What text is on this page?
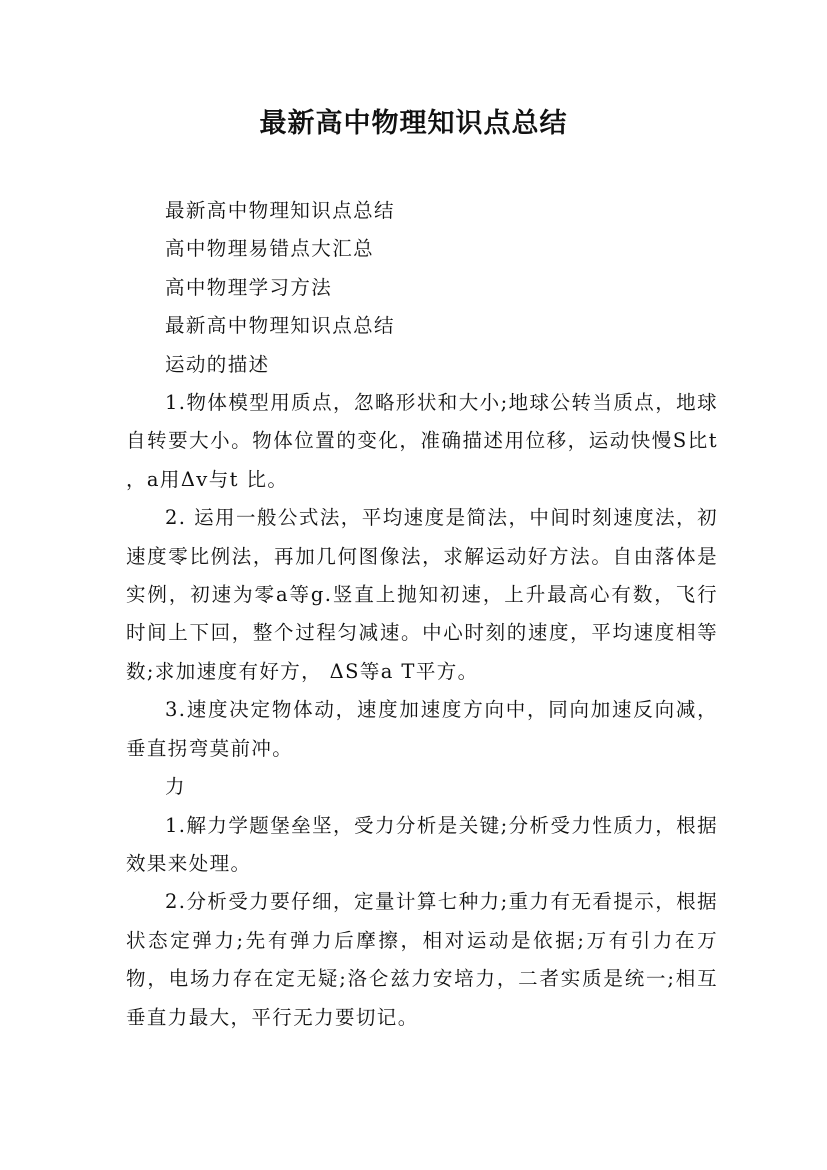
最新高中物理知识点总结

最新高中物理知识点总结

高中物理易错点大汇总

高中物理学习方法

最新高中物理知识点总结

运动的描述

1.物体模型用质点，忽略形状和大小;地球公转当质点，地球自转要大小。物体位置的变化，准确描述用位移，运动快慢S比t ，a用Δv与t 比。

2. 运用一般公式法，平均速度是简法，中间时刻速度法，初速度零比例法，再加几何图像法，求解运动好方法。自由落体是实例，初速为零a等g.竖直上抛知初速，上升最高心有数，飞行时间上下回，整个过程匀减速。中心时刻的速度，平均速度相等数;求加速度有好方， ΔS等a T平方。

3.速度决定物体动，速度加速度方向中，同向加速反向减，垂直拐弯莫前冲。

力

1.解力学题堡垒坚，受力分析是关键;分析受力性质力，根据效果来处理。

2.分析受力要仔细，定量计算七种力;重力有无看提示，根据状态定弹力;先有弹力后摩擦，相对运动是依据;万有引力在万物，电场力存在定无疑;洛仑兹力安培力，二者实质是统一;相互垂直力最大，平行无力要切记。
